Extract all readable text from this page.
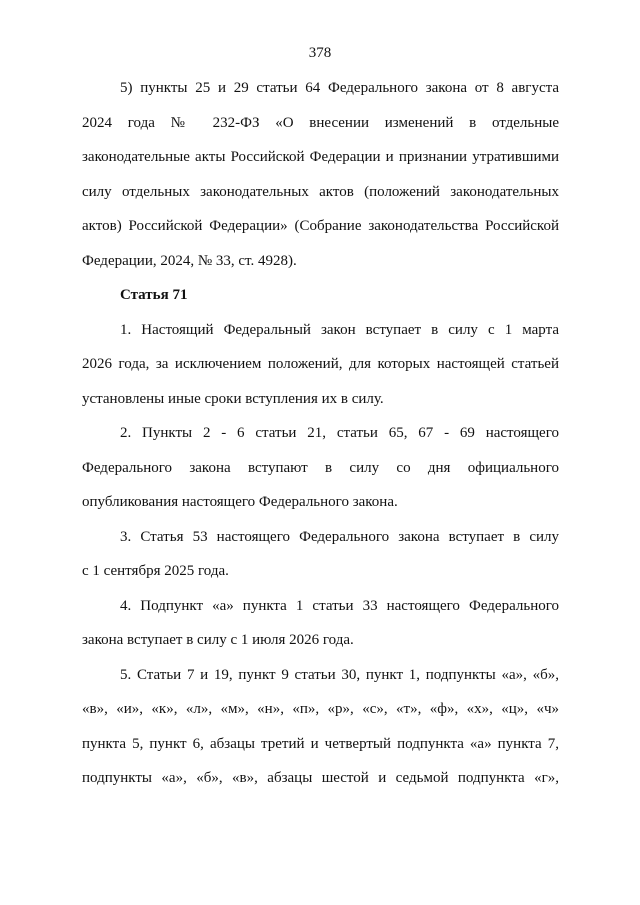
378
5) пункты 25 и 29 статьи 64 Федерального закона от 8 августа
2024 года № 232-ФЗ «О внесении изменений в отдельные
законодательные акты Российской Федерации и признании утратившими
силу отдельных законодательных актов (положений законодательных
актов) Российской Федерации» (Собрание законодательства Российской
Федерации, 2024, № 33, ст. 4928).
Статья 71
1. Настоящий Федеральный закон вступает в силу с 1 марта
2026 года, за исключением положений, для которых настоящей статьей
установлены иные сроки вступления их в силу.
2. Пункты 2 - 6 статьи 21, статьи 65, 67 - 69 настоящего
Федерального закона вступают в силу со дня официального
опубликования настоящего Федерального закона.
3. Статья 53 настоящего Федерального закона вступает в силу
с 1 сентября 2025 года.
4. Подпункт «а» пункта 1 статьи 33 настоящего Федерального
закона вступает в силу с 1 июля 2026 года.
5. Статьи 7 и 19, пункт 9 статьи 30, пункт 1, подпункты «а», «б»,
«в», «и», «к», «л», «м», «н», «п», «р», «с», «т», «ф», «х», «ц», «ч»
пункта 5, пункт 6, абзацы третий и четвертый подпункта «а» пункта 7,
подпункты «а», «б», «в», абзацы шестой и седьмой подпункта «г»,
